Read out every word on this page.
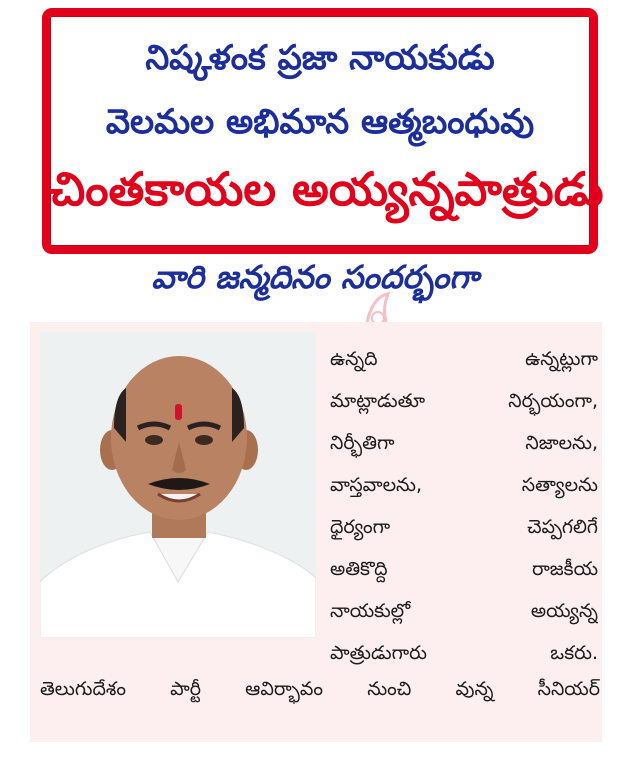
నిష్కళంక ప్రజా నాయకుడు
వెలమల అభిమాన ఆత్మబంధువు
చింతకాయల అయ్యన్నపాత్రుడు
వారి జన్మదినం సందర్భంగా
ఉన్నది ఉన్నట్లుగా
మాట్లాడుతూ నిర్భయంగా,
నిర్భీతిగా నిజాలను,
వాస్తవాలను, సత్యాలను
ధైర్యంగా చెప్పగలిగే
అతికొద్ది రాజకీయ
నాయకుల్లో అయ్యన్న
పాత్రుడుగారు ఒకరు.
తెలుగుదేశం పార్టీ ఆవిర్భావం నుంచి వున్న సీనియర్
